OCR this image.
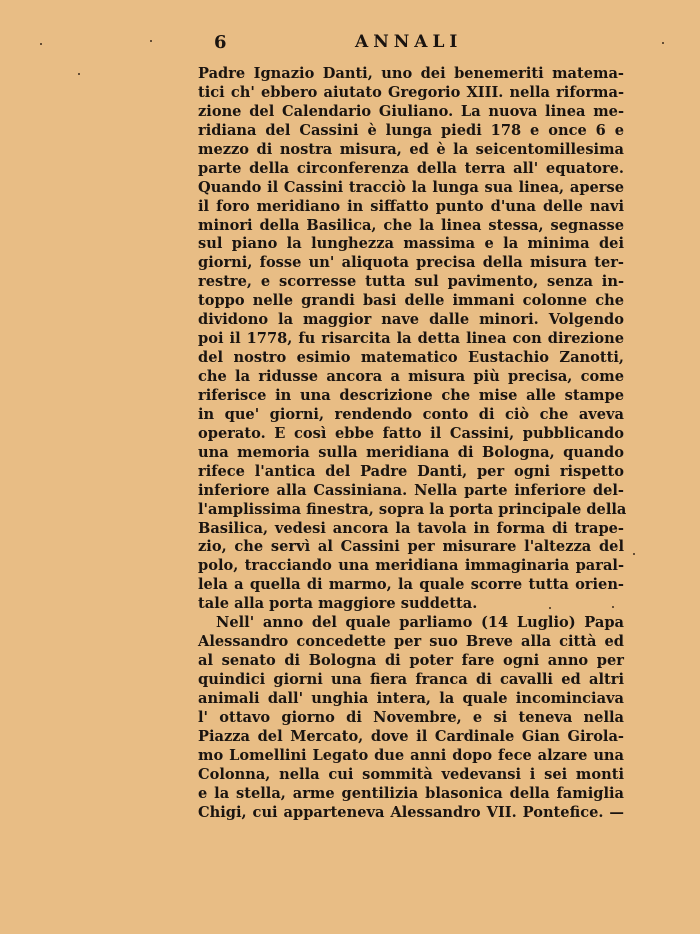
6	ANNALI
Padre Ignazio Danti, uno dei benemeriti matema-
tici ch' ebbero aiutato Gregorio XIII. nella riforma-
zione del Calendario Giuliano. La nuova linea me-
ridiana del Cassini è lunga piedi 178 e once 6 e
mezzo di nostra misura, ed è la seicentomillesima
parte della circonferenza della terra all' equatore.
Quando il Cassini tracciò la lunga sua linea, aperse
il foro meridiano in siffatto punto d'una delle navi
minori della Basilica, che la linea stessa, segnasse
sul piano la lunghezza massima e la minima dei
giorni, fosse un' aliquota precisa della misura ter-
restre, e scorresse tutta sul pavimento, senza in-
toppo nelle grandi basi delle immani colonne che
dividono la maggior nave dalle minori. Volgendo
poi il 1778, fu risarcita la detta linea con direzione
del nostro esimio matematico Eustachio Zanotti,
che la ridusse ancora a misura più precisa, come
riferisce in una descrizione che mise alle stampe
in que' giorni, rendendo conto di ciò che aveva
operato. E così ebbe fatto il Cassini, pubblicando
una memoria sulla meridiana di Bologna, quando
rifece l'antica del Padre Danti, per ogni rispetto
inferiore alla Cassiniana. Nella parte inferiore del-
l'amplissima finestra, sopra la porta principale della
Basilica, vedesi ancora la tavola in forma di trape-
zio, che servì al Cassini per misurare l'altezza del
polo, tracciando una meridiana immaginaria paral-
lela a quella di marmo, la quale scorre tutta orien-
tale alla porta maggiore suddetta.
Nell' anno del quale parliamo (14 Luglio) Papa
Alessandro concedette per suo Breve alla città ed
al senato di Bologna di poter fare ogni anno per
quindici giorni una fiera franca di cavalli ed altri
animali dall' unghia intera, la quale incominciava
l' ottavo giorno di Novembre, e si teneva nella
Piazza del Mercato, dove il Cardinale Gian Girola-
mo Lomellini Legato due anni dopo fece alzare una
Colonna, nella cui sommità vedevansi i sei monti
e la stella, arme gentilizia blasonica della famiglia
Chigi, cui apparteneva Alessandro VII. Pontefice. —
